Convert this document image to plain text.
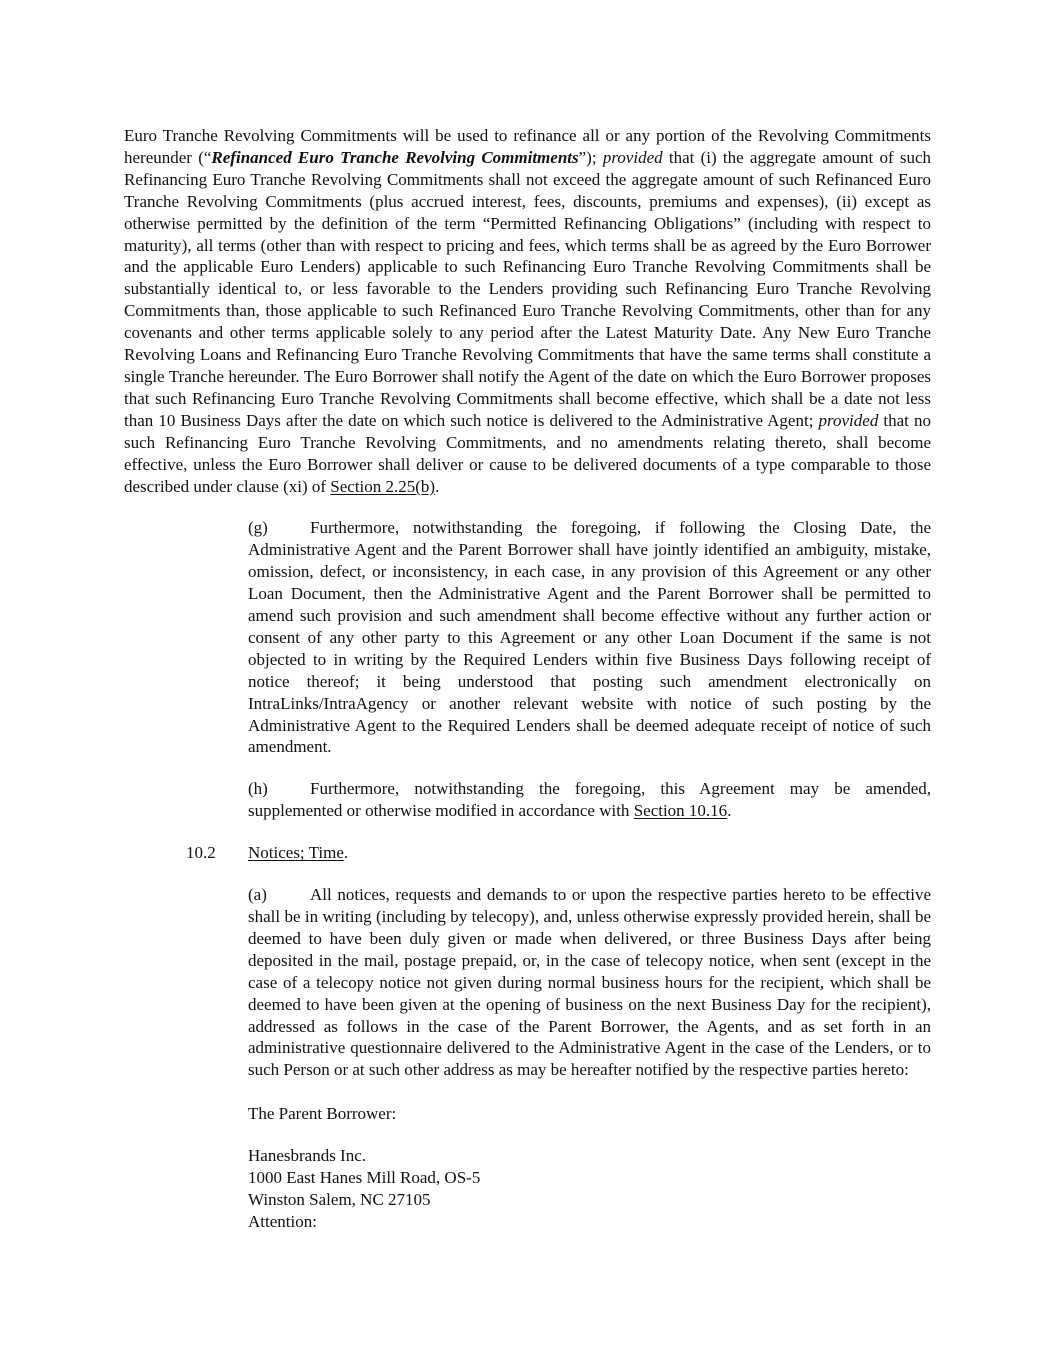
Euro Tranche Revolving Commitments will be used to refinance all or any portion of the Revolving Commitments hereunder (“Refinanced Euro Tranche Revolving Commitments”); provided that (i) the aggregate amount of such Refinancing Euro Tranche Revolving Commitments shall not exceed the aggregate amount of such Refinanced Euro Tranche Revolving Commitments (plus accrued interest, fees, discounts, premiums and expenses), (ii) except as otherwise permitted by the definition of the term “Permitted Refinancing Obligations” (including with respect to maturity), all terms (other than with respect to pricing and fees, which terms shall be as agreed by the Euro Borrower and the applicable Euro Lenders) applicable to such Refinancing Euro Tranche Revolving Commitments shall be substantially identical to, or less favorable to the Lenders providing such Refinancing Euro Tranche Revolving Commitments than, those applicable to such Refinanced Euro Tranche Revolving Commitments, other than for any covenants and other terms applicable solely to any period after the Latest Maturity Date. Any New Euro Tranche Revolving Loans and Refinancing Euro Tranche Revolving Commitments that have the same terms shall constitute a single Tranche hereunder. The Euro Borrower shall notify the Agent of the date on which the Euro Borrower proposes that such Refinancing Euro Tranche Revolving Commitments shall become effective, which shall be a date not less than 10 Business Days after the date on which such notice is delivered to the Administrative Agent; provided that no such Refinancing Euro Tranche Revolving Commitments, and no amendments relating thereto, shall become effective, unless the Euro Borrower shall deliver or cause to be delivered documents of a type comparable to those described under clause (xi) of Section 2.25(b).

(g) Furthermore, notwithstanding the foregoing, if following the Closing Date, the Administrative Agent and the Parent Borrower shall have jointly identified an ambiguity, mistake, omission, defect, or inconsistency, in each case, in any provision of this Agreement or any other Loan Document, then the Administrative Agent and the Parent Borrower shall be permitted to amend such provision and such amendment shall become effective without any further action or consent of any other party to this Agreement or any other Loan Document if the same is not objected to in writing by the Required Lenders within five Business Days following receipt of notice thereof; it being understood that posting such amendment electronically on IntraLinks/IntraAgency or another relevant website with notice of such posting by the Administrative Agent to the Required Lenders shall be deemed adequate receipt of notice of such amendment.

(h) Furthermore, notwithstanding the foregoing, this Agreement may be amended, supplemented or otherwise modified in accordance with Section 10.16.

10.2 Notices; Time.

(a)	All notices, requests and demands to or upon the respective parties hereto to be effective shall be in writing (including by telecopy), and, unless otherwise expressly provided herein, shall be deemed to have been duly given or made when delivered, or three Business Days after being deposited in the mail, postage prepaid, or, in the case of telecopy notice, when sent (except in the case of a telecopy notice not given during normal business hours for the recipient, which shall be deemed to have been given at the opening of business on the next Business Day for the recipient), addressed as follows in the case of the Parent Borrower, the Agents, and as set forth in an administrative questionnaire delivered to the Administrative Agent in the case of the Lenders, or to such Person or at such other address as may be hereafter notified by the respective parties hereto:

The Parent Borrower:
Hanesbrands Inc.
1000 East Hanes Mill Road, OS-5
Winston Salem, NC 27105
Attention:
